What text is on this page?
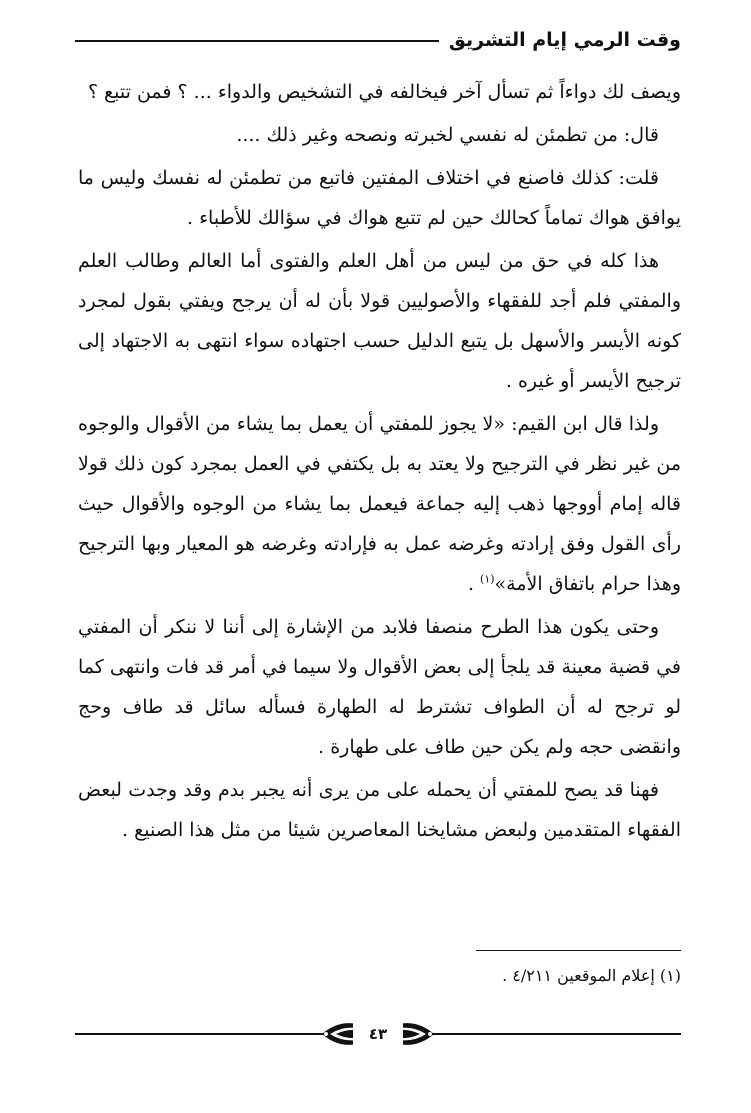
وقت الرمي إيام التشريق

ويصف لك دواءاً ثم تسأل آخر فيخالفه في التشخيص والدواء ... ؟ فمن تتبع ؟

قال: من تطمئن له نفسي لخبرته ونصحه وغير ذلك ....

قلت: كذلك فاصنع في اختلاف المفتين فاتبع من تطمئن له نفسك وليس ما يوافق هواك تماماً كحالك حين لم تتبع هواك في سؤالك للأطباء .

هذا كله في حق من ليس من أهل العلم والفتوى أما العالم وطالب العلم والمفتي فلم أجد للفقهاء والأصوليين قولا بأن له أن يرجح ويفتي بقول لمجرد كونه الأيسر والأسهل بل يتبع الدليل حسب اجتهاده سواء انتهى به الاجتهاد إلى ترجيح الأيسر أو غيره .

ولذا قال ابن القيم: «لا يجوز للمفتي أن يعمل بما يشاء من الأقوال والوجوه من غير نظر في الترجيح ولا يعتد به بل يكتفي في العمل بمجرد كون ذلك قولا قاله إمام أووجها ذهب إليه جماعة فيعمل بما يشاء من الوجوه والأقوال حيث رأى القول وفق إرادته وغرضه عمل به فإرادته وغرضه هو المعيار وبها الترجيح وهذا حرام باتفاق الأمة»$^{(١)}$ .

وحتى يكون هذا الطرح منصفا فلابد من الإشارة إلى أننا لا ننكر أن المفتي في قضية معينة قد يلجأ إلى بعض الأقوال ولا سيما في أمر قد فات وانتهى كما لو ترجح له أن الطواف تشترط له الطهارة فسأله سائل قد طاف وحج وانقضى حجه ولم يكن حين طاف على طهارة .

فهنا قد يصح للمفتي أن يحمله على من يرى أنه يجبر بدم وقد وجدت لبعض الفقهاء المتقدمين ولبعض مشايخنا المعاصرين شيئا من مثل هذا الصنيع .

(١) إعلام الموقعين ٤/٢١١ .
٤٣
